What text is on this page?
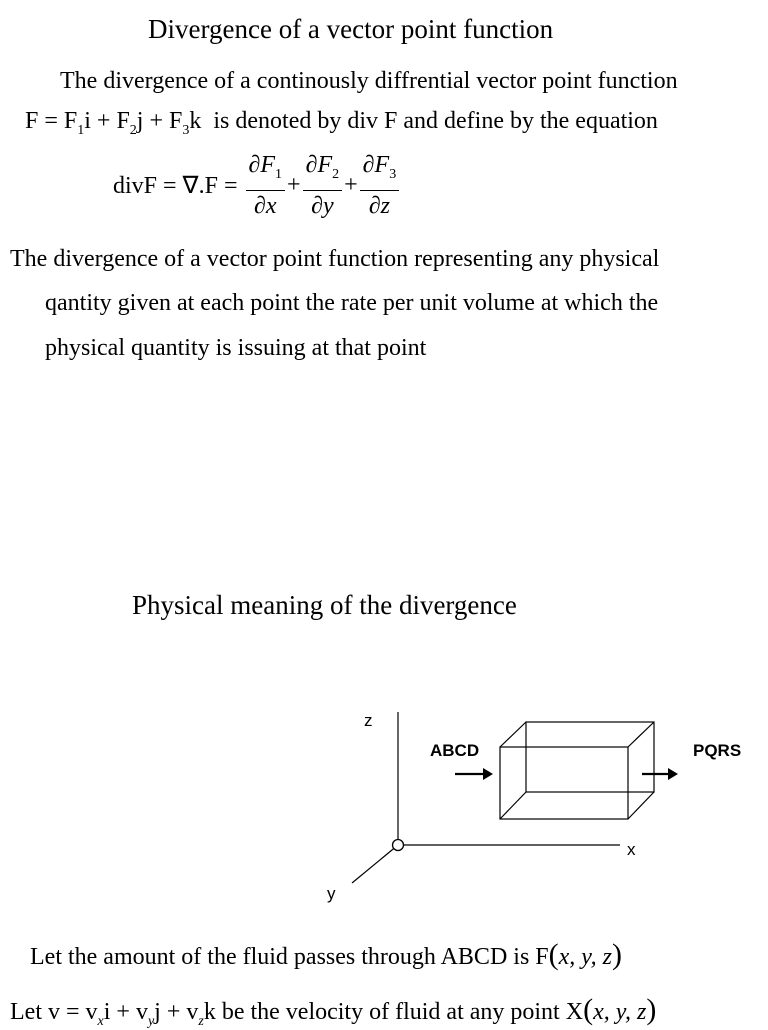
Divergence of a vector point function
The divergence of a continously diffrential vector point function
$F = F_1i + F_2j + F_3k$  is denoted by div F and define by the equation
divF = $\nabla.F = \frac{\partial F_1}{\partial x} + \frac{\partial F_2}{\partial y} + \frac{\partial F_3}{\partial z}$
The divergence of a vector point function representing any physical
qantity given at each point the rate per unit volume at which the
physical quantity is issuing at that point
Physical meaning of the divergence
z
x
y
ABCD	PQRS
Let the amount of the fluid passes through ABCD is F(x, y, z)
Let $v = v_xi + v_yj + v_zk$ be the velocity of fluid at any point X(x, y, z)
